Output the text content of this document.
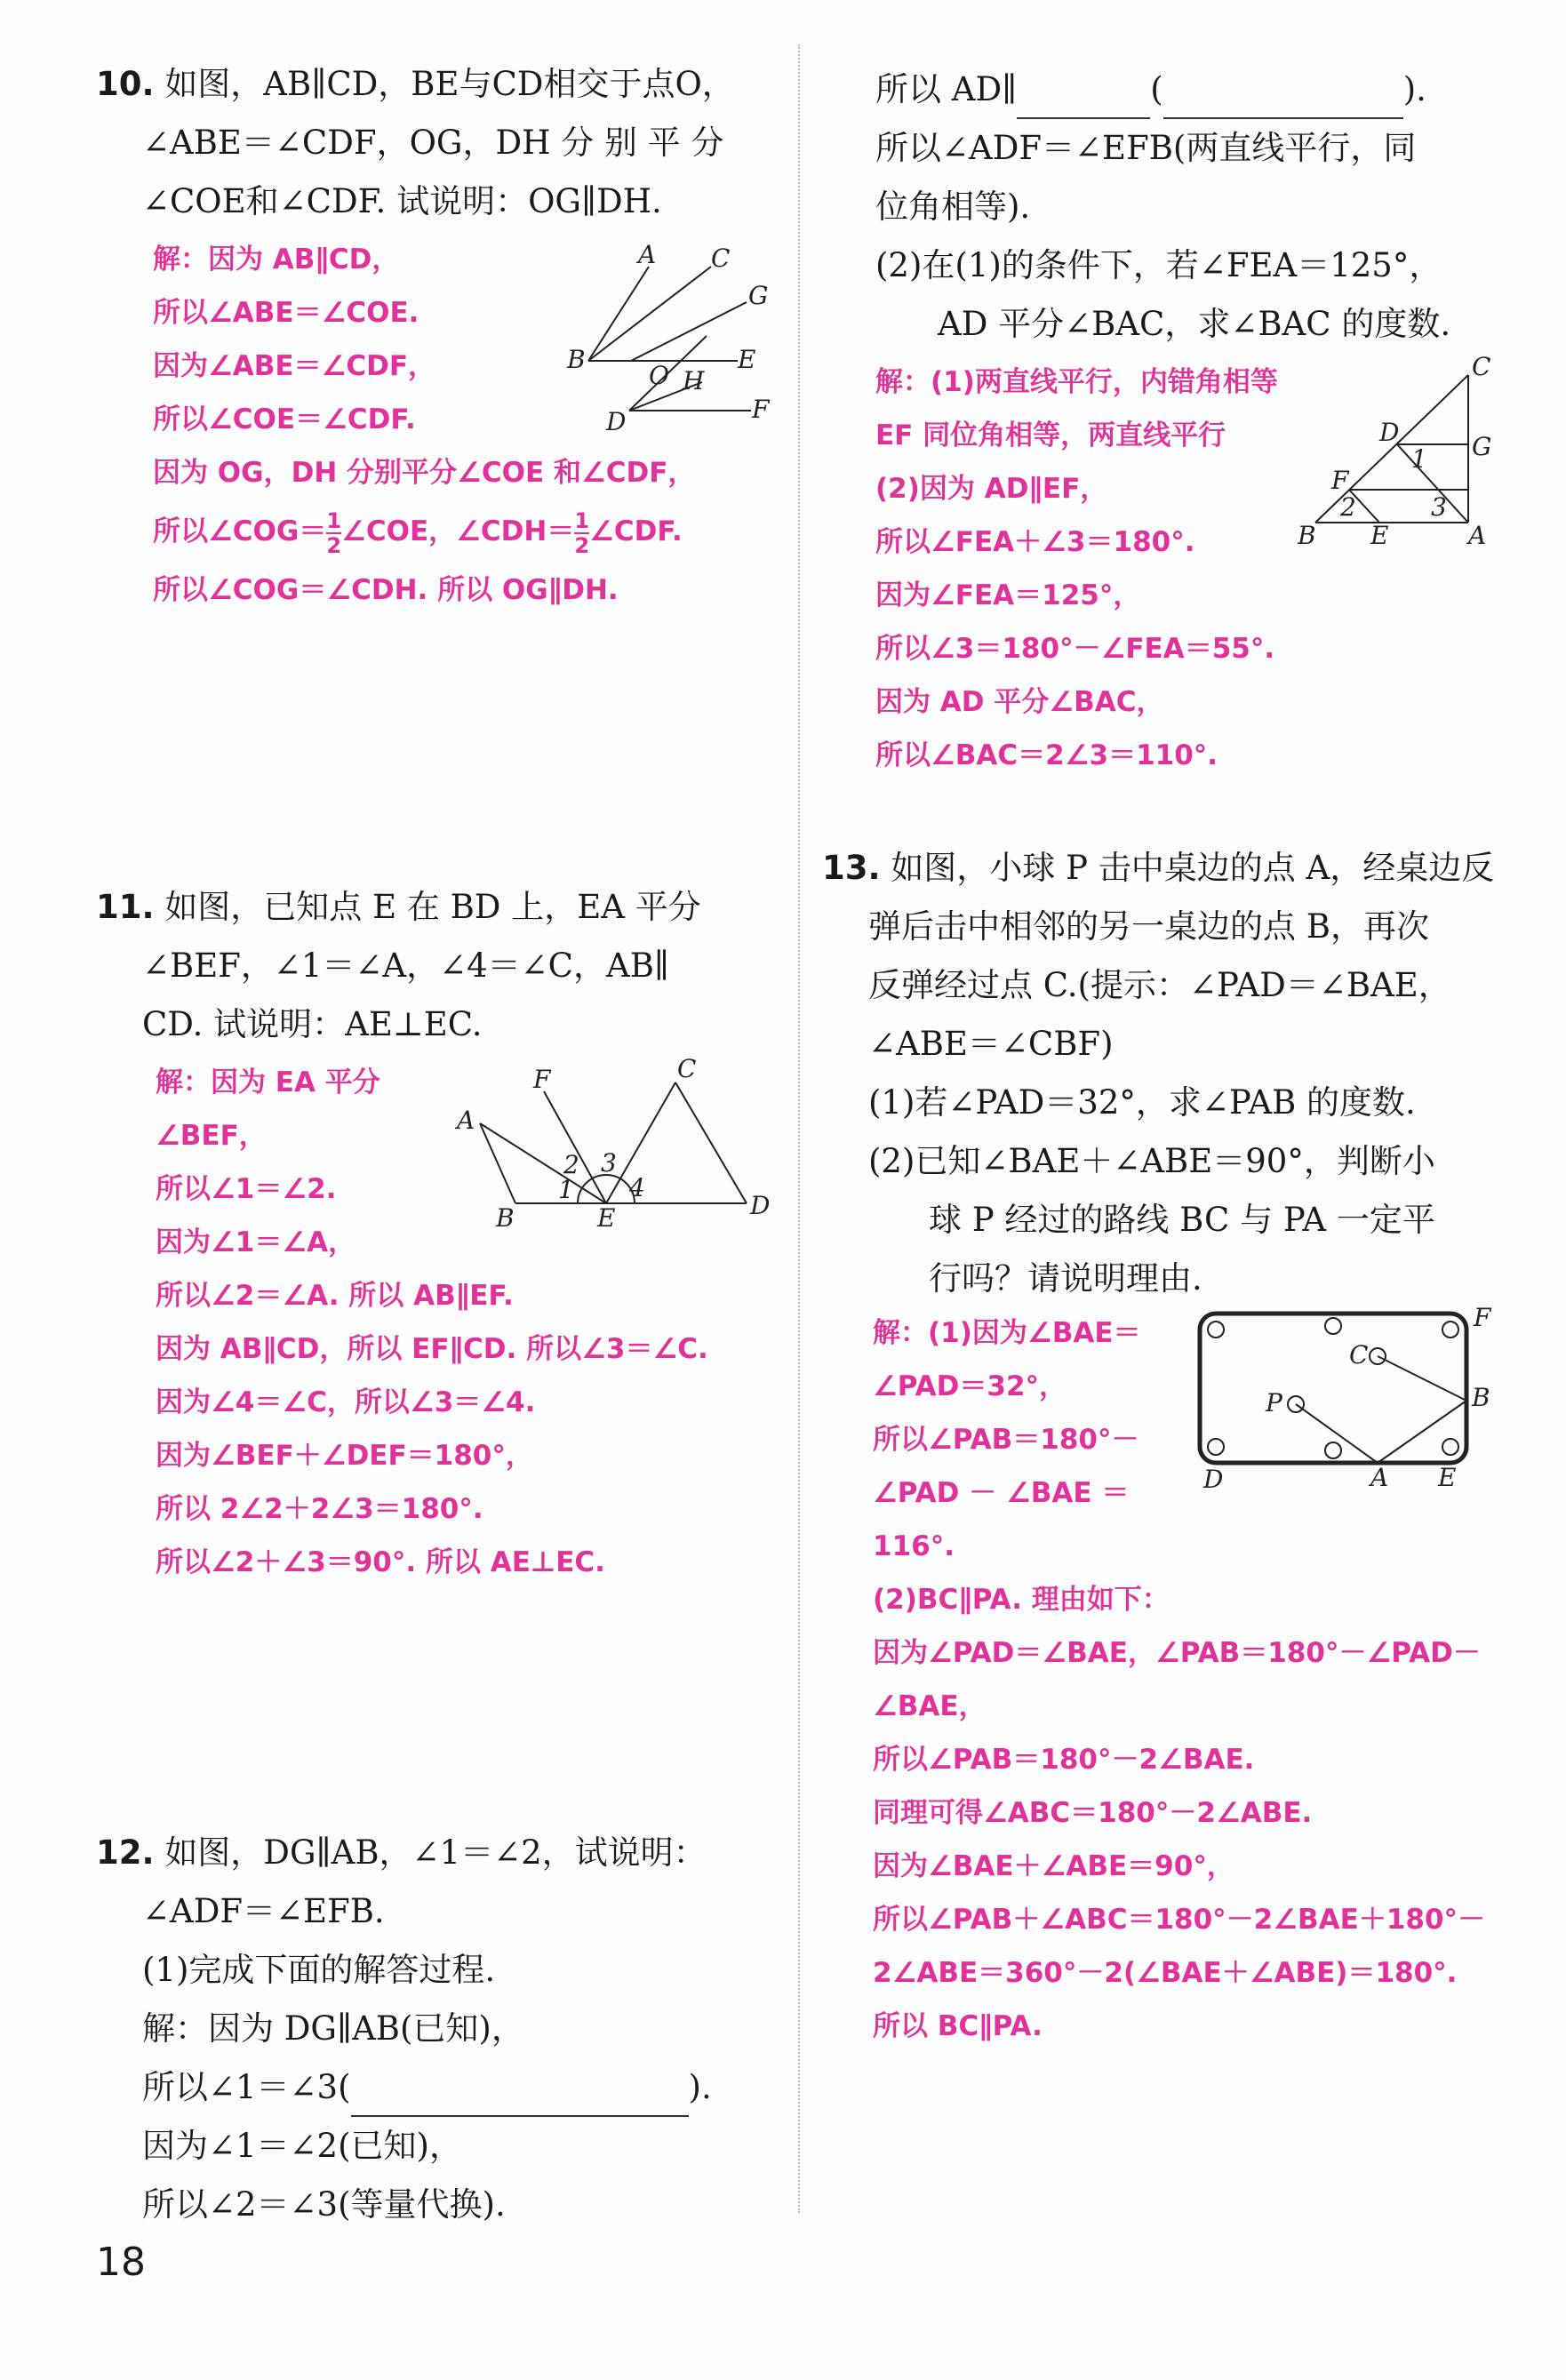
10. 如图，AB∥CD，BE与CD相交于点O，
∠ABE＝∠CDF，OG，DH 分 别 平 分
∠COE和∠CDF. 试说明：OG∥DH.
解：因为 AB∥CD，
所以∠ABE＝∠COE.
因为∠ABE＝∠CDF，
所以∠COE＝∠CDF.
因为 OG，DH 分别平分∠COE 和∠CDF，
所以∠COG＝ $\frac{1}{2}$ ∠COE，∠CDH＝ $\frac{1}{2}$ ∠CDF.
所以∠COG＝∠CDH. 所以 OG∥DH.
A C
G
B
O
E
H
D	F
11. 如图，已知点 E 在 BD 上，EA 平分
∠BEF，∠1＝∠A，∠4＝∠C，AB∥
CD. 试说明：AE⊥EC.
解：因为 EA 平分
∠BEF，
所以∠1＝∠2.
因为∠1＝∠A，
所以∠2＝∠A. 所以 AB∥EF.
因为 AB∥CD，所以 EF∥CD. 所以∠3＝∠C.
因为∠4＝∠C，所以∠3＝∠4.
因为∠BEF＋∠DEF＝180°，
所以 2∠2＋2∠3＝180°.
所以∠2＋∠3＝90°. 所以 AE⊥EC.
F	C
A
2 3
1 4
B	E	D
12. 如图，DG∥AB，∠1＝∠2，试说明：
∠ADF＝∠EFB.
(1)完成下面的解答过程.
解：因为 DG∥AB(已知)，
所以∠1＝∠3(	).
因为∠1＝∠2(已知)，
所以∠2＝∠3(等量代换).
所以 AD∥	(	).
所以∠ADF＝∠EFB(两直线平行，同
位角相等).
(2)在(1)的条件下，若∠FEA＝125°，
AD 平分∠BAC，求∠BAC 的度数.
解：(1)两直线平行，内错角相等
EF 同位角相等，两直线平行
(2)因为 AD∥EF，
所以∠FEA＋∠3＝180°.
因为∠FEA＝125°，
所以∠3＝180°－∠FEA＝55°.
因为 AD 平分∠BAC，
所以∠BAC＝2∠3＝110°.
C
D	G
1
F
2	3
B E	A
13. 如图，小球 P 击中桌边的点 A，经桌边反
弹后击中相邻的另一桌边的点 B，再次
反弹经过点 C.(提示：∠PAD＝∠BAE，
∠ABE＝∠CBF)
(1)若∠PAD＝32°，求∠PAB 的度数.
(2)已知∠BAE＋∠ABE＝90°，判断小
球 P 经过的路线 BC 与 PA 一定平
行吗？请说明理由.
解：(1)因为∠BAE＝
∠PAD＝32°，
所以∠PAB＝180°－
∠PAD － ∠BAE ＝
116°.
(2)BC∥PA. 理由如下：
因为∠PAD＝∠BAE，∠PAB＝180°－∠PAD－
∠BAE，
所以∠PAB＝180°－2∠BAE.
同理可得∠ABC＝180°－2∠ABE.
因为∠BAE＋∠ABE＝90°，
所以∠PAB＋∠ABC＝180°－2∠BAE＋180°－
2∠ABE＝360°－2(∠BAE＋∠ABE)＝180°.
所以 BC∥PA.
F
C
B
P
D	A E
18
